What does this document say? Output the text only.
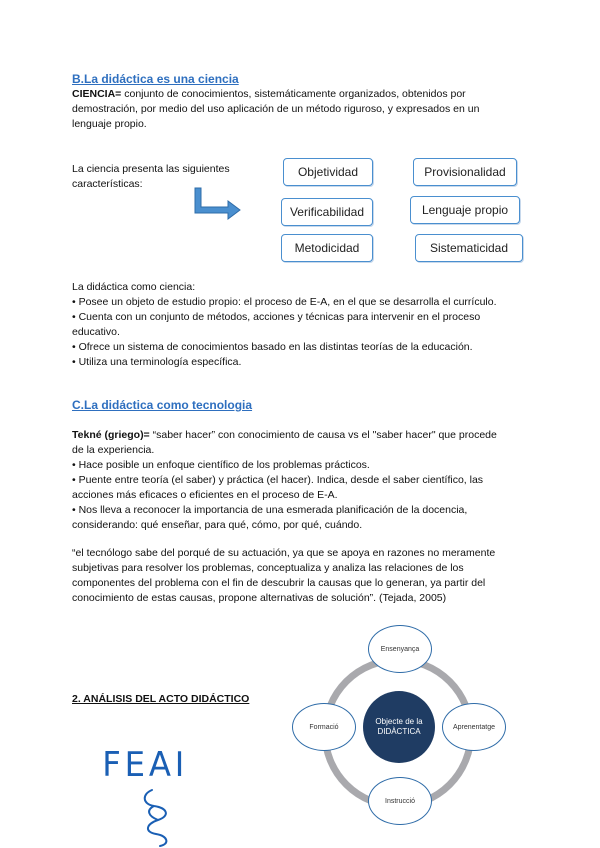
B.La didáctica es una ciencia
CIENCIA= conjunto de conocimientos, sistemáticamente organizados, obtenidos por
demostración, por medio del uso aplicación de un método riguroso, y expresados en un
lenguaje propio.
La ciencia presenta las siguientes
características:
Objetividad
Verificabilidad
Metodicidad
Provisionalidad
Lenguaje propio
Sistematicidad
La didáctica como ciencia:
• Posee un objeto de estudio propio: el proceso de E-A, en el que se desarrolla el currículo.
• Cuenta con un conjunto de métodos, acciones y técnicas para intervenir en el proceso
educativo.
• Ofrece un sistema de conocimientos basado en las distintas teorías de la educación.
• Utiliza una terminología específica.
C.La didáctica como tecnologia
Tekné (griego)= “saber hacer” con conocimiento de causa vs el "saber hacer" que procede
de la experiencia.
• Hace posible un enfoque científico de los problemas prácticos.
• Puente entre teoría (el saber) y práctica (el hacer). Indica, desde el saber científico, las
acciones más eficaces o eficientes en el proceso de E-A.
• Nos lleva a reconocer la importancia de una esmerada planificación de la docencia,
considerando: qué enseñar, para qué, cómo, por qué, cuándo.
“el tecnólogo sabe del porqué de su actuación, ya que se apoya en razones no meramente
subjetivas para resolver los problemas, conceptualiza y analiza las relaciones de los
componentes del problema con el fin de descubrir la causas que lo generan, ya partir del
conocimiento de estas causas, propone alternativas de solución”. (Tejada, 2005)
2. ANÁLISIS DEL ACTO DIDÁCTICO
Objecte de la DIDÀCTICA
Ensenyança
Aprenentatge
Instrucció
Formació
FEAI
